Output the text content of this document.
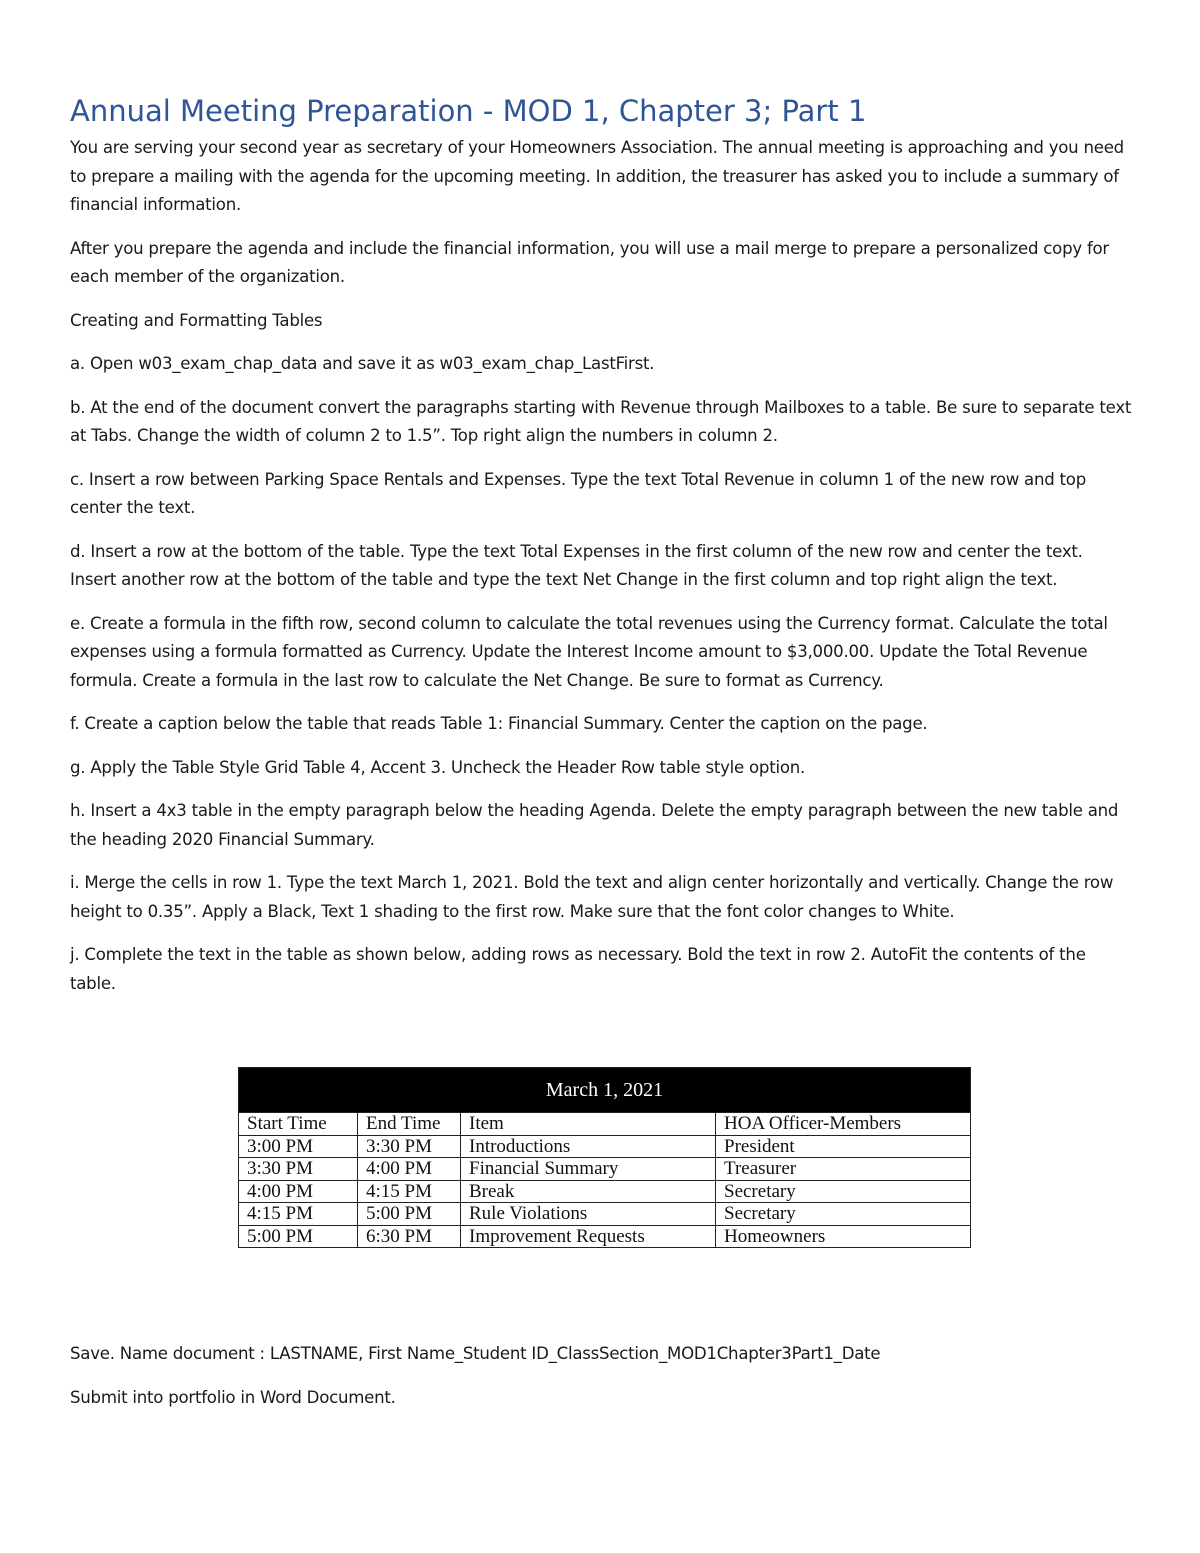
Annual Meeting Preparation - MOD 1, Chapter 3; Part 1

You are serving your second year as secretary of your Homeowners Association. The annual meeting is approaching and you need to prepare a mailing with the agenda for the upcoming meeting. In addition, the treasurer has asked you to include a summary of financial information.

After you prepare the agenda and include the financial information, you will use a mail merge to prepare a personalized copy for each member of the organization.

Creating and Formatting Tables

a. Open w03_exam_chap_data and save it as w03_exam_chap_LastFirst.

b. At the end of the document convert the paragraphs starting with Revenue through Mailboxes to a table. Be sure to separate text at Tabs. Change the width of column 2 to 1.5”. Top right align the numbers in column 2.

c. Insert a row between Parking Space Rentals and Expenses. Type the text Total Revenue in column 1 of the new row and top center the text.

d. Insert a row at the bottom of the table. Type the text Total Expenses in the first column of the new row and center the text. Insert another row at the bottom of the table and type the text Net Change in the first column and top right align the text.

e. Create a formula in the fifth row, second column to calculate the total revenues using the Currency format. Calculate the total expenses using a formula formatted as Currency. Update the Interest Income amount to $3,000.00. Update the Total Revenue formula. Create a formula in the last row to calculate the Net Change. Be sure to format as Currency.

f. Create a caption below the table that reads Table 1: Financial Summary. Center the caption on the page.

g. Apply the Table Style Grid Table 4, Accent 3. Uncheck the Header Row table style option.

h. Insert a 4x3 table in the empty paragraph below the heading Agenda. Delete the empty paragraph between the new table and the heading 2020 Financial Summary.

i. Merge the cells in row 1. Type the text March 1, 2021. Bold the text and align center horizontally and vertically. Change the row height to 0.35”. Apply a Black, Text 1 shading to the first row. Make sure that the font color changes to White.

j. Complete the text in the table as shown below, adding rows as necessary. Bold the text in row 2. AutoFit the contents of the table.

March 1, 2021			
Start Time	End Time	Item	HOA Officer-Members
3:00 PM	3:30 PM	Introductions	President
3:30 PM	4:00 PM	Financial Summary	Treasurer
4:00 PM	4:15 PM	Break	Secretary
4:15 PM	5:00 PM	Rule Violations	Secretary
5:00 PM	6:30 PM	Improvement Requests	Homeowners

Save. Name document : LASTNAME, First Name_Student ID_ClassSection_MOD1Chapter3Part1_Date

Submit into portfolio in Word Document.
